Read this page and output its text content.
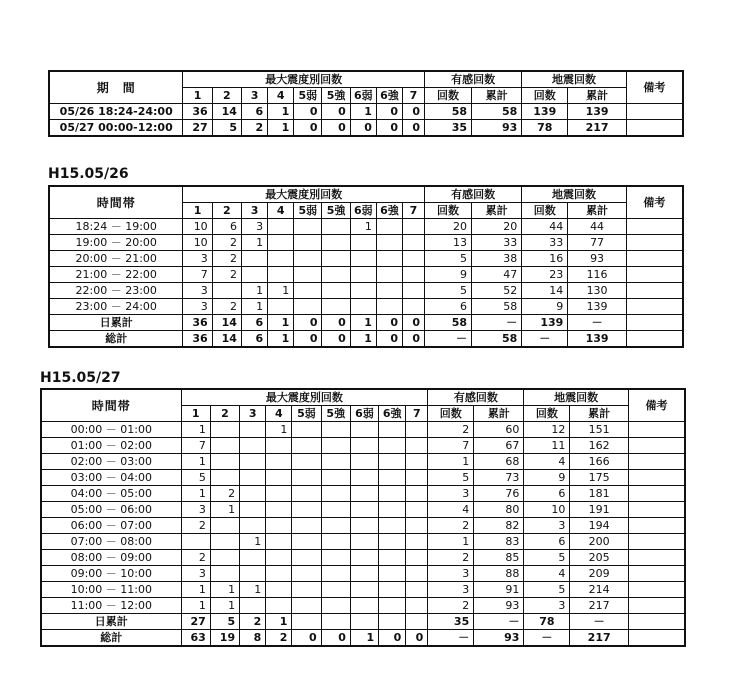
期　間	最大震度別回数									有感回数		地震回数		備考
	1	2	3	4	5弱	5強	6弱	6強	7	回数	累計	回数	累計	
05/26 18:24-24:00	36	14	6	1	0	0	1	0	0	58	58	139	139	
05/27 00:00-12:00	27	5	2	1	0	0	0	0	0	35	93	78	217	
H15.05/26
時間帯	最大震度別回数									有感回数		地震回数		備考
	1	2	3	4	5弱	5強	6弱	6強	7	回数	累計	回数	累計	
18:24 － 19:00	10	6	3				1			20	20	44	44	
19:00 － 20:00	10	2	1							13	33	33	77	
20:00 － 21:00	3	2								5	38	16	93	
21:00 － 22:00	7	2								9	47	23	116	
22:00 － 23:00	3		1	1						5	52	14	130	
23:00 － 24:00	3	2	1							6	58	9	139	
日累計	36	14	6	1	0	0	1	0	0	58	－	139	－	
総計	36	14	6	1	0	0	1	0	0	－	58	－	139	
H15.05/27
時間帯	最大震度別回数									有感回数		地震回数		備考
	1	2	3	4	5弱	5強	6弱	6強	7	回数	累計	回数	累計	
00:00 － 01:00	1			1						2	60	12	151	
01:00 － 02:00	7									7	67	11	162	
02:00 － 03:00	1									1	68	4	166	
03:00 － 04:00	5									5	73	9	175	
04:00 － 05:00	1	2								3	76	6	181	
05:00 － 06:00	3	1								4	80	10	191	
06:00 － 07:00	2									2	82	3	194	
07:00 － 08:00			1							1	83	6	200	
08:00 － 09:00	2									2	85	5	205	
09:00 － 10:00	3									3	88	4	209	
10:00 － 11:00	1	1	1							3	91	5	214	
11:00 － 12:00	1	1								2	93	3	217	
日累計	27	5	2	1						35	－	78	－	
総計	63	19	8	2	0	0	1	0	0	－	93	－	217	
